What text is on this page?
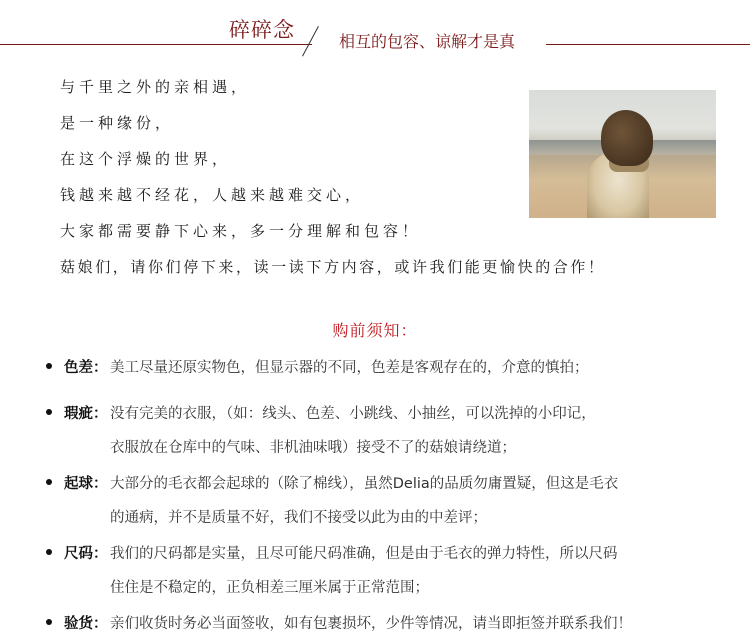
碎碎念	相互的包容、谅解才是真
与千里之外的亲相遇，
是一种缘份，
在这个浮燥的世界，
钱越来越不经花，人越来越难交心，
大家都需要静下心来，多一分理解和包容！
菇娘们，请你们停下来，读一读下方内容，或许我们能更愉快的合作！
购前须知：
色差： 美工尽量还原实物色，但显示器的不同，色差是客观存在的，介意的慎拍；
瑕疵： 没有完美的衣服，（如：线头、色差、小跳线、小抽丝，可以洗掉的小印记，
衣服放在仓库中的气味、非机油味哦）接受不了的菇娘请绕道；
起球： 大部分的毛衣都会起球的（除了棉线），虽然Delia的品质勿庸置疑，但这是毛衣
的通病，并不是质量不好，我们不接受以此为由的中差评；
尺码： 我们的尺码都是实量，且尽可能尺码准确，但是由于毛衣的弹力特性，所以尺码
住住是不稳定的，正负相差三厘米属于正常范围；
验货： 亲们收货时务必当面签收，如有包裹损坏，少件等情况，请当即拒签并联系我们！
